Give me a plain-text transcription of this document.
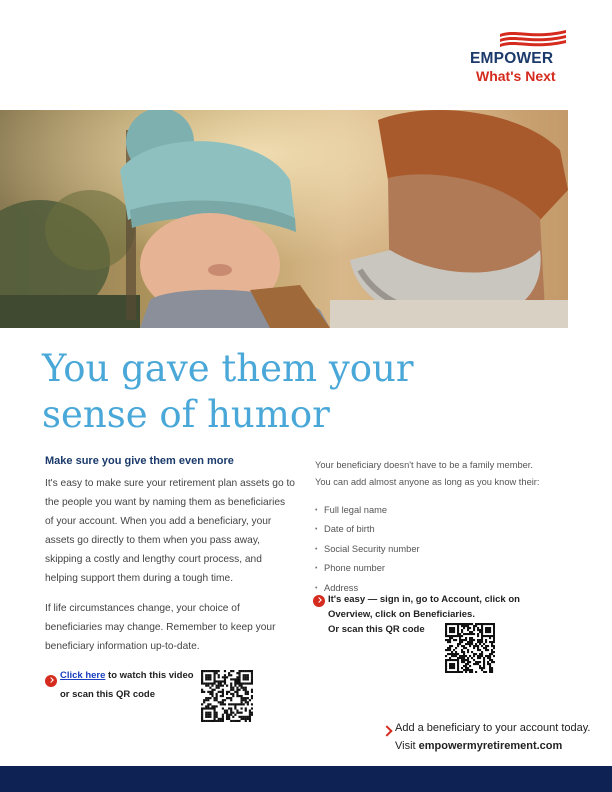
EMPOWER
What's Next
You gave them your
sense of humor

Make sure you give them even more

It's easy to make sure your retirement plan assets go to the people you want by naming them as beneficiaries of your account. When you add a beneficiary, your assets go directly to them when you pass away, skipping a costly and lengthy court process, and helping support them during a tough time.

If life circumstances change, your choice of beneficiaries may change. Remember to keep your beneficiary information up-to-date.

Click here to watch this video
or scan this QR code

Your beneficiary doesn't have to be a family member.
You can add almost anyone as long as you know their:

• Full legal name
• Date of birth
• Social Security number
• Phone number
• Address
It's easy — sign in, go to Account, click on
Overview, click on Beneficiaries.
Or scan this QR code
Add a beneficiary to your account today.
Visit empowermyretirement.com
